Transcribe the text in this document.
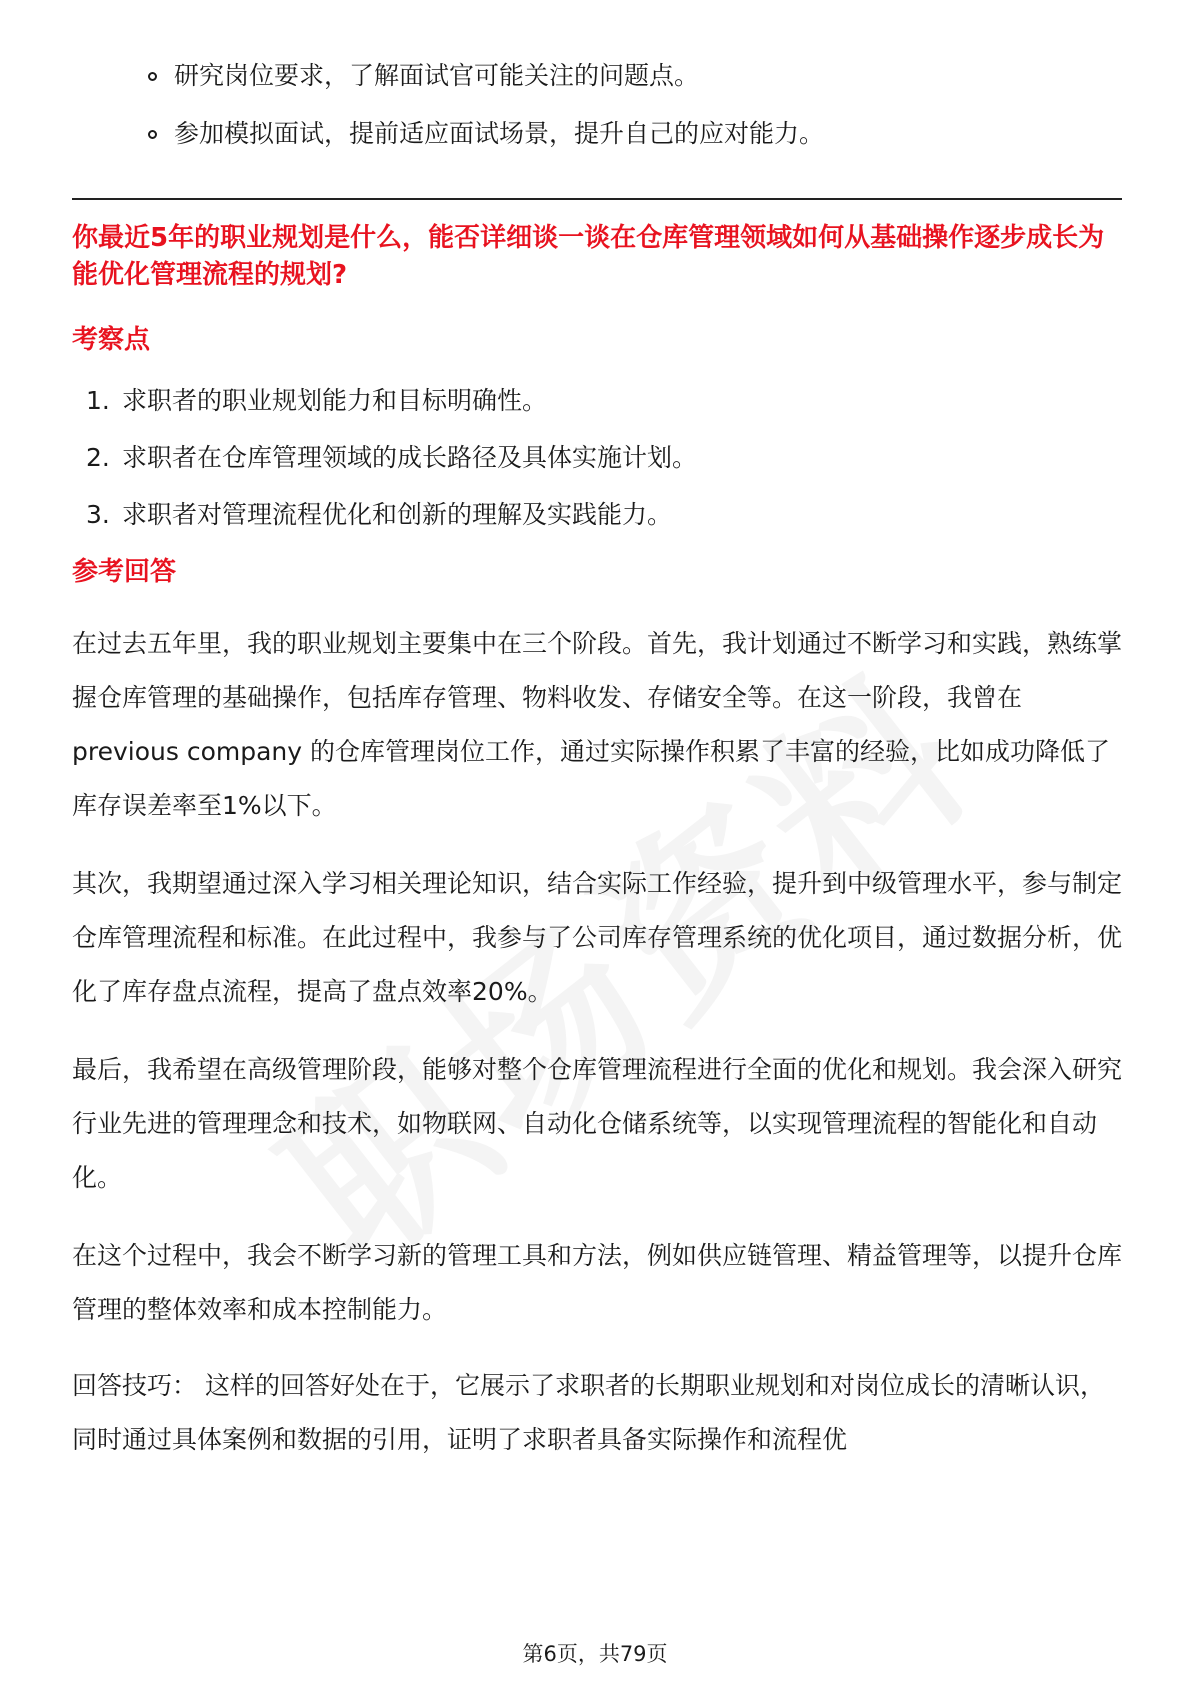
研究岗位要求，了解面试官可能关注的问题点。
参加模拟面试，提前适应面试场景，提升自己的应对能力。
你最近5年的职业规划是什么，能否详细谈一谈在仓库管理领域如何从基础操作逐步成长为能优化管理流程的规划?
考察点
1. 求职者的职业规划能力和目标明确性。
2. 求职者在仓库管理领域的成长路径及具体实施计划。
3. 求职者对管理流程优化和创新的理解及实践能力。
参考回答
在过去五年里，我的职业规划主要集中在三个阶段。首先，我计划通过不断学习和实践，熟练掌握仓库管理的基础操作，包括库存管理、物料收发、存储安全等。在这一阶段，我曾在 previous company 的仓库管理岗位工作，通过实际操作积累了丰富的经验，比如成功降低了库存误差率至1%以下。
其次，我期望通过深入学习相关理论知识，结合实际工作经验，提升到中级管理水平，参与制定仓库管理流程和标准。在此过程中，我参与了公司库存管理系统的优化项目，通过数据分析，优化了库存盘点流程，提高了盘点效率20%。
最后，我希望在高级管理阶段，能够对整个仓库管理流程进行全面的优化和规划。我会深入研究行业先进的管理理念和技术，如物联网、自动化仓储系统等，以实现管理流程的智能化和自动化。
在这个过程中，我会不断学习新的管理工具和方法，例如供应链管理、精益管理等，以提升仓库管理的整体效率和成本控制能力。
回答技巧： 这样的回答好处在于，它展示了求职者的长期职业规划和对岗位成长的清晰认识，同时通过具体案例和数据的引用，证明了求职者具备实际操作和流程优
第6页，共79页
